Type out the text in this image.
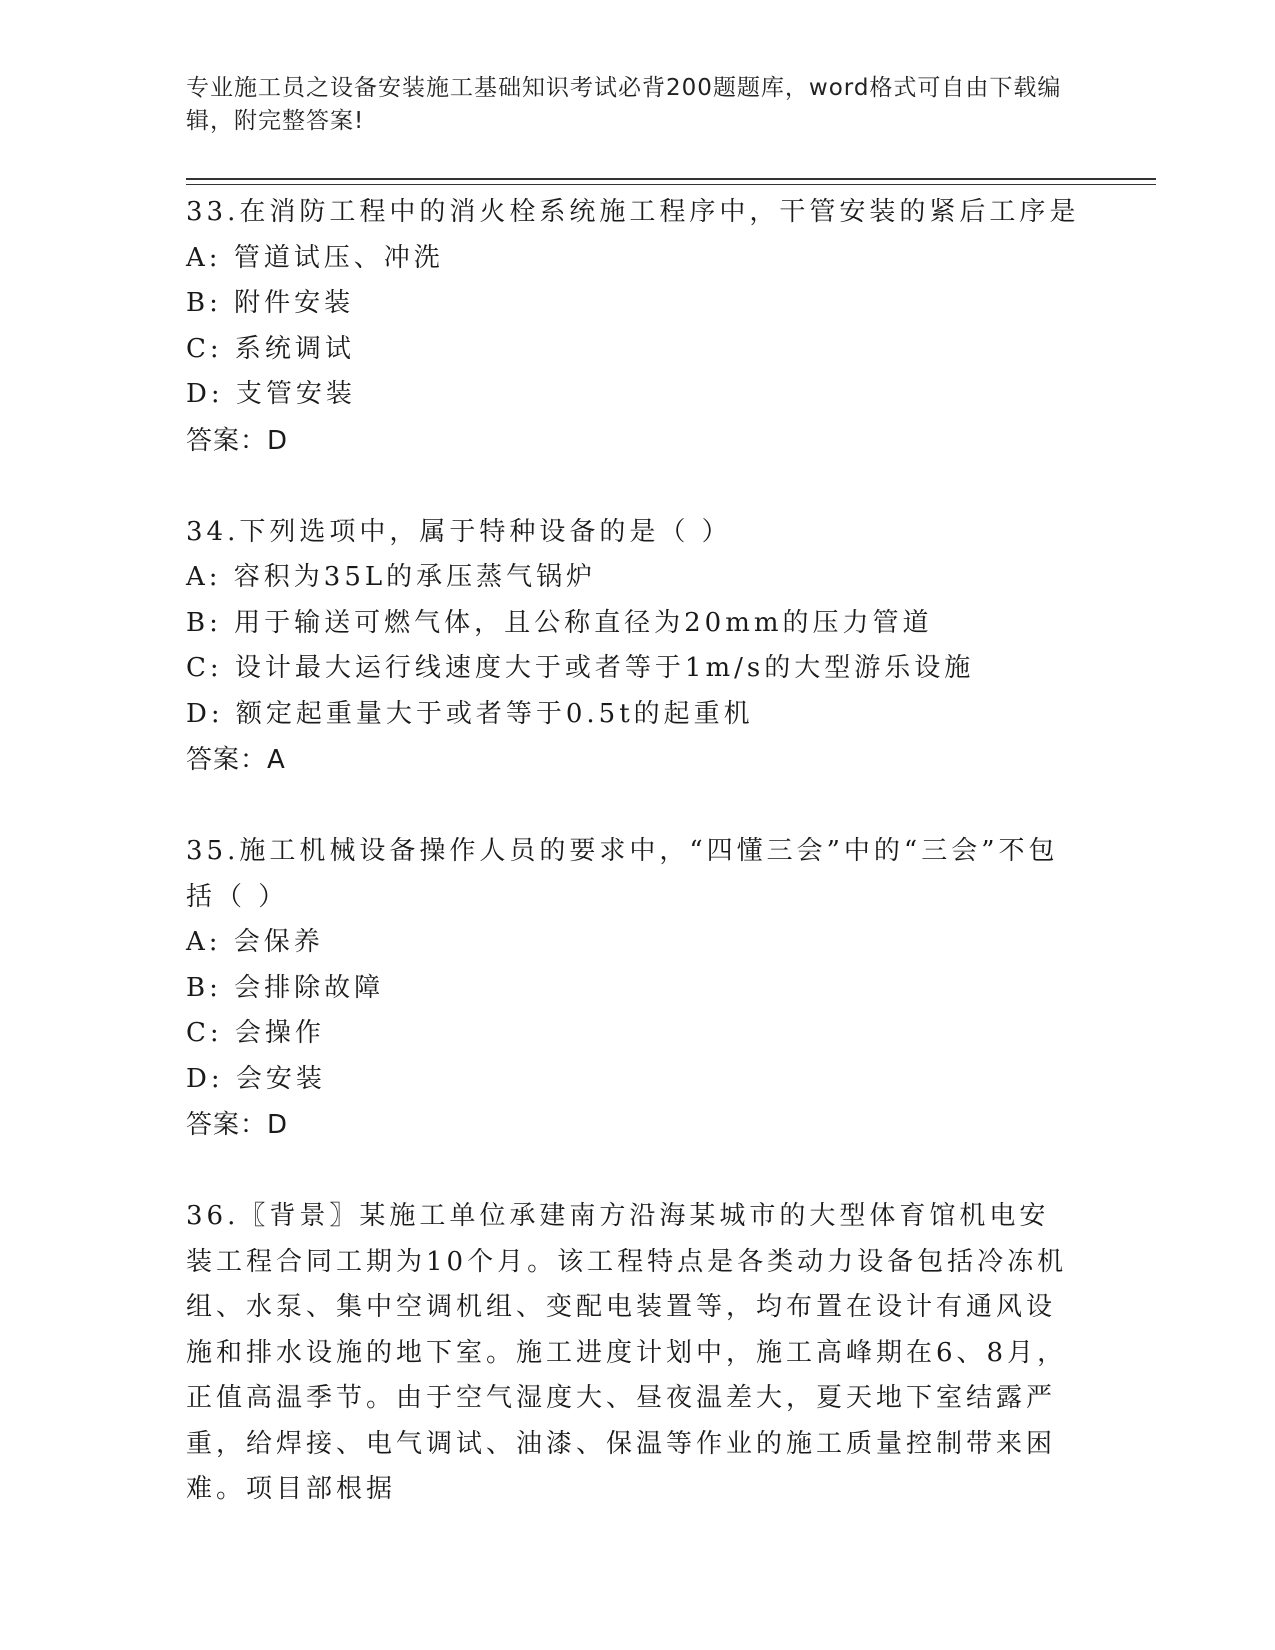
专业施工员之设备安装施工基础知识考试必背200题题库，word格式可自由下载编辑，附完整答案!
33.在消防工程中的消火栓系统施工程序中，干管安装的紧后工序是
A: 管道试压、冲洗
B: 附件安装
C: 系统调试
D: 支管安装
答案：D
34.下列选项中，属于特种设备的是（ ）
A: 容积为35L的承压蒸气锅炉
B: 用于输送可燃气体，且公称直径为20mm的压力管道
C: 设计最大运行线速度大于或者等于1m/s的大型游乐设施
D: 额定起重量大于或者等于0.5t的起重机
答案：A
35.施工机械设备操作人员的要求中，“四懂三会”中的“三会”不包括（ ）
A: 会保养
B: 会排除故障
C: 会操作
D: 会安装
答案：D
36.〖背景〗某施工单位承建南方沿海某城市的大型体育馆机电安装工程合同工期为10个月。该工程特点是各类动力设备包括冷冻机组、水泵、集中空调机组、变配电装置等，均布置在设计有通风设施和排水设施的地下室。施工进度计划中，施工高峰期在6、8月，正值高温季节。由于空气湿度大、昼夜温差大，夏天地下室结露严重，给焊接、电气调试、油漆、保温等作业的施工质量控制带来困难。项目部根据
